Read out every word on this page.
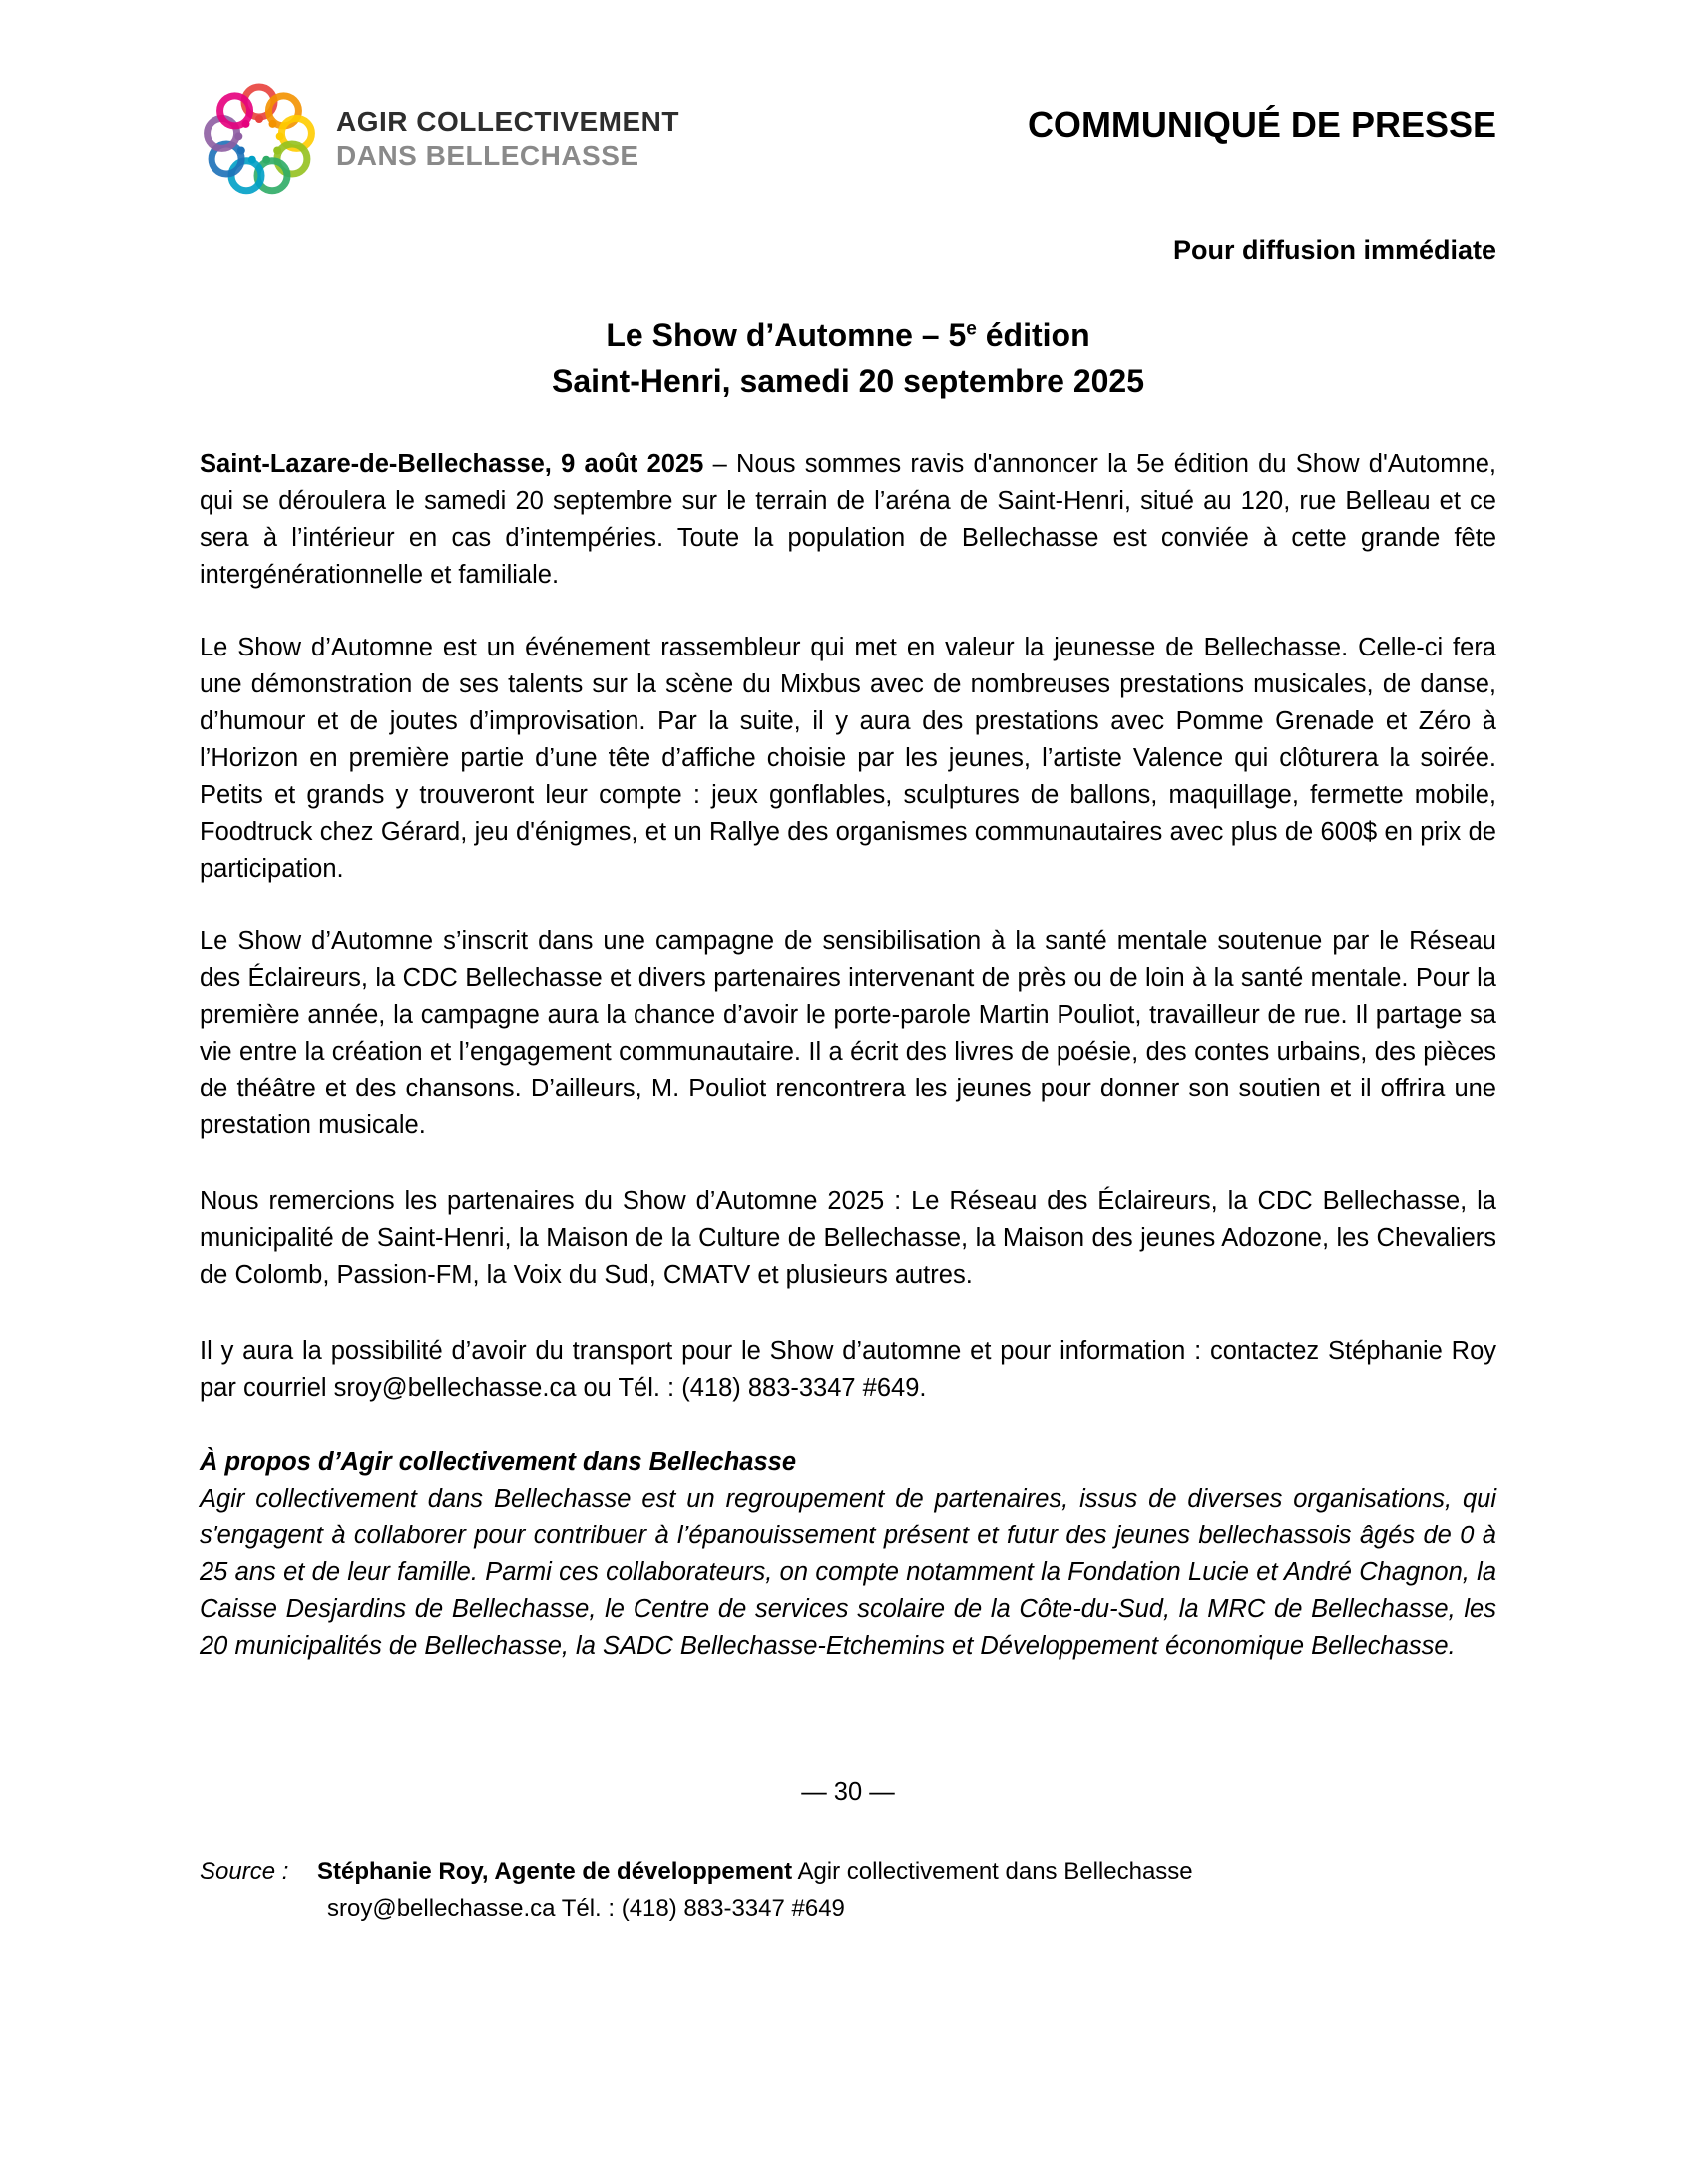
AGIR COLLECTIVEMENT
DANS BELLECHASSE
COMMUNIQUÉ DE PRESSE
Pour diffusion immédiate
Le Show d’Automne – 5e édition
Saint-Henri, samedi 20 septembre 2025

Saint-Lazare-de-Bellechasse, 9 août 2025 – Nous sommes ravis d'annoncer la 5e édition du Show d'Automne, qui se déroulera le samedi 20 septembre sur le terrain de l’aréna de Saint-Henri, situé au 120, rue Belleau et ce sera à l’intérieur en cas d’intempéries. Toute la population de Bellechasse est conviée à cette grande fête intergénérationnelle et familiale.

Le Show d’Automne est un événement rassembleur qui met en valeur la jeunesse de Bellechasse. Celle-ci fera une démonstration de ses talents sur la scène du Mixbus avec de nombreuses prestations musicales, de danse, d’humour et de joutes d’improvisation. Par la suite, il y aura des prestations avec Pomme Grenade et Zéro à l’Horizon en première partie d’une tête d’affiche choisie par les jeunes, l’artiste Valence qui clôturera la soirée. Petits et grands y trouveront leur compte : jeux gonflables, sculptures de ballons, maquillage, fermette mobile, Foodtruck chez Gérard, jeu d'énigmes, et un Rallye des organismes communautaires avec plus de 600$ en prix de participation.

Le Show d’Automne s’inscrit dans une campagne de sensibilisation à la santé mentale soutenue par le Réseau des Éclaireurs, la CDC Bellechasse et divers partenaires intervenant de près ou de loin à la santé mentale. Pour la première année, la campagne aura la chance d’avoir le porte-parole Martin Pouliot, travailleur de rue. Il partage sa vie entre la création et l’engagement communautaire. Il a écrit des livres de poésie, des contes urbains, des pièces de théâtre et des chansons. D’ailleurs, M. Pouliot rencontrera les jeunes pour donner son soutien et il offrira une prestation musicale.

Nous remercions les partenaires du Show d’Automne 2025 : Le Réseau des Éclaireurs, la CDC Bellechasse, la municipalité de Saint-Henri, la Maison de la Culture de Bellechasse, la Maison des jeunes Adozone, les Chevaliers de Colomb, Passion-FM, la Voix du Sud, CMATV et plusieurs autres.

Il y aura la possibilité d’avoir du transport pour le Show d’automne et pour information : contactez Stéphanie Roy par courriel sroy@bellechasse.ca ou Tél. : (418) 883-3347 #649.

À propos d’Agir collectivement dans Bellechasse

Agir collectivement dans Bellechasse est un regroupement de partenaires, issus de diverses organisations, qui s'engagent à collaborer pour contribuer à l’épanouissement présent et futur des jeunes bellechassois âgés de 0 à 25 ans et de leur famille. Parmi ces collaborateurs, on compte notamment la Fondation Lucie et André Chagnon, la Caisse Desjardins de Bellechasse, le Centre de services scolaire de la Côte-du-Sud, la MRC de Bellechasse, les 20 municipalités de Bellechasse, la SADC Bellechasse-Etchemins et Développement économique Bellechasse.

— 30 —
Source : Stéphanie Roy, Agente de développement Agir collectivement dans Bellechasse
sroy@bellechasse.ca Tél. : (418) 883-3347 #649
